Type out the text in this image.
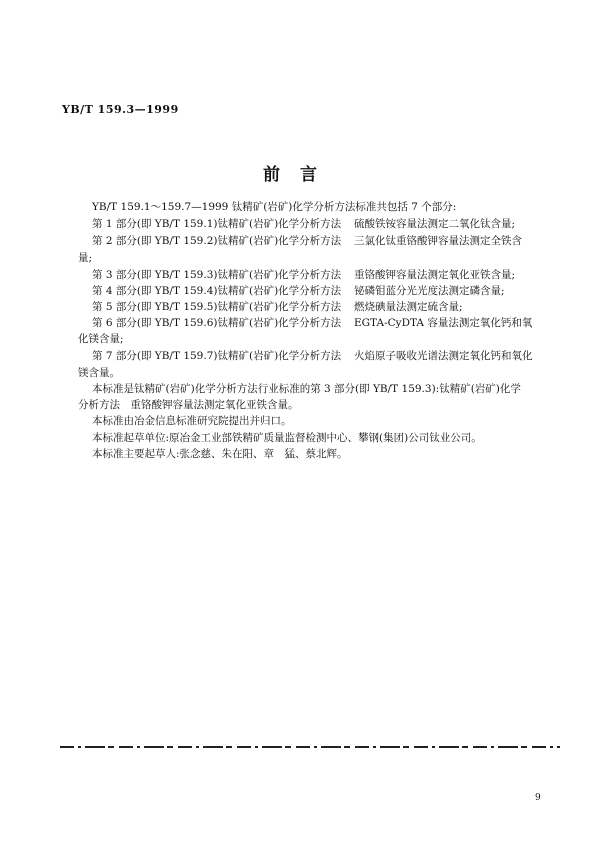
YB/T 159.3—1999
前言
YB/T 159.1～159.7—1999 钛精矿(岩矿)化学分析方法标准共包括 7 个部分:
第 1 部分(即 YB/T 159.1)钛精矿(岩矿)化学分析方法 硫酸铁铵容量法测定二氧化钛含量;
第 2 部分(即 YB/T 159.2)钛精矿(岩矿)化学分析方法 三氯化钛重铬酸钾容量法测定全铁含
量;
第 3 部分(即 YB/T 159.3)钛精矿(岩矿)化学分析方法 重铬酸钾容量法测定氧化亚铁含量;
第 4 部分(即 YB/T 159.4)钛精矿(岩矿)化学分析方法 铋磷钼蓝分光光度法测定磷含量;
第 5 部分(即 YB/T 159.5)钛精矿(岩矿)化学分析方法 燃烧碘量法测定硫含量;
第 6 部分(即 YB/T 159.6)钛精矿(岩矿)化学分析方法 EGTA-CyDTA 容量法测定氧化钙和氧
化镁含量;
第 7 部分(即 YB/T 159.7)钛精矿(岩矿)化学分析方法 火焰原子吸收光谱法测定氧化钙和氧化
镁含量。
本标准是钛精矿(岩矿)化学分析方法行业标准的第 3 部分(即 YB/T 159.3):钛精矿(岩矿)化学
分析方法　重铬酸钾容量法测定氧化亚铁含量。
本标准由冶金信息标准研究院提出并归口。
本标准起草单位:原冶金工业部铁精矿质量监督检测中心、攀钢(集团)公司钛业公司。
本标准主要起草人:张念慈、朱在阳、章　猛、蔡北辉。
9
